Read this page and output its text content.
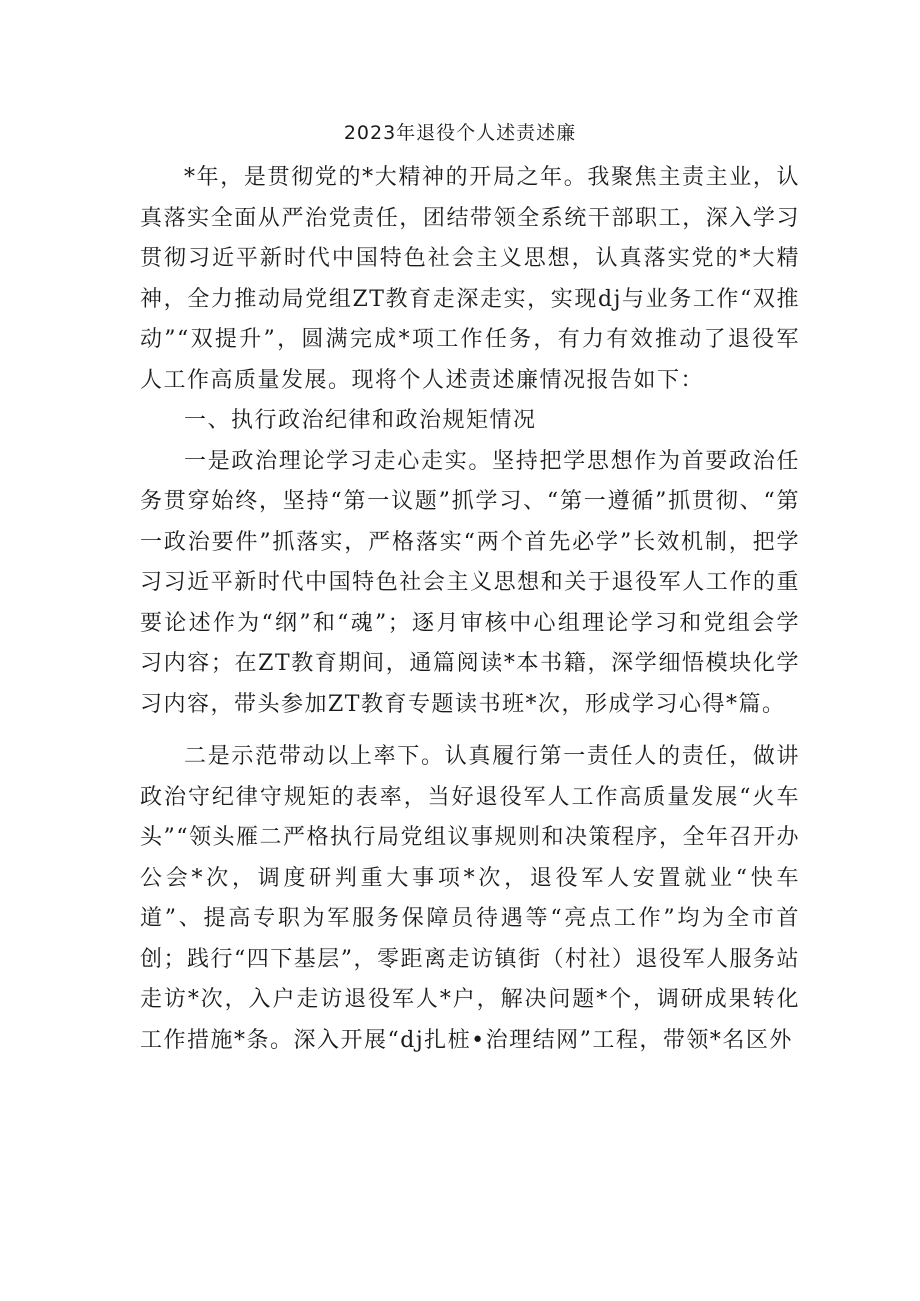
2023年退役个人述责述廉

*年，是贯彻党的*大精神的开局之年。我聚焦主责主业，认真落实全面从严治党责任，团结带领全系统干部职工，深入学习贯彻习近平新时代中国特色社会主义思想，认真落实党的*大精神，全力推动局党组ZT教育走深走实，实现dj与业务工作“双推动”“双提升”，圆满完成*项工作任务，有力有效推动了退役军人工作高质量发展。现将个人述责述廉情况报告如下：

一、执行政治纪律和政治规矩情况

一是政治理论学习走心走实。坚持把学思想作为首要政治任务贯穿始终，坚持“第一议题”抓学习、“第一遵循”抓贯彻、“第一政治要件”抓落实，严格落实“两个首先必学”长效机制，把学习习近平新时代中国特色社会主义思想和关于退役军人工作的重要论述作为“纲”和“魂”；逐月审核中心组理论学习和党组会学习内容；在ZT教育期间，通篇阅读*本书籍，深学细悟模块化学习内容，带头参加ZT教育专题读书班*次，形成学习心得*篇。

二是示范带动以上率下。认真履行第一责任人的责任，做讲政治守纪律守规矩的表率，当好退役军人工作高质量发展“火车头”“领头雁二严格执行局党组议事规则和决策程序，全年召开办公会*次，调度研判重大事项*次，退役军人安置就业“快车道”、提高专职为军服务保障员待遇等“亮点工作”均为全市首创；践行“四下基层”，零距离走访镇街（村社）退役军人服务站走访*次，入户走访退役军人*户，解决问题*个，调研成果转化工作措施*条。深入开展“dj扎桩•治理结网”工程，带领*名区外
